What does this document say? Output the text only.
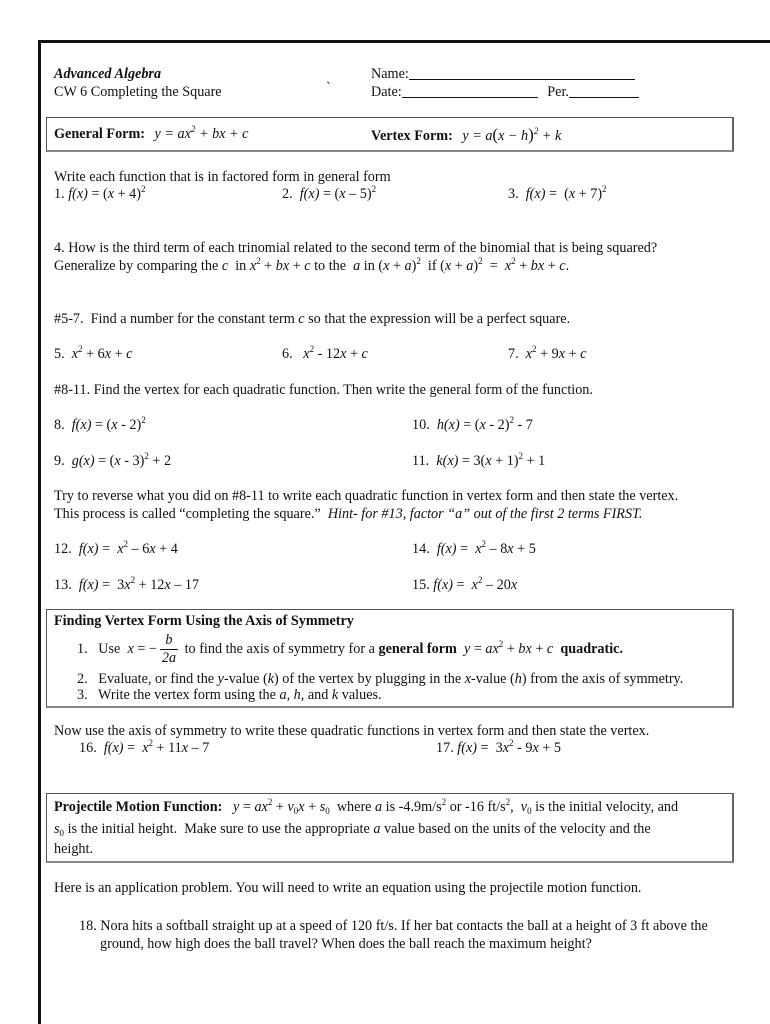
Advanced Algebra
CW 6 Completing the Square	`
Name:
Date:	Per.
General Form: $y = ax^2$ + bx + c	Vertex Form: $y = a(x - h)^2 + k$
Write each function that is in factored form in general form
1. $f(x) = (x + 4)^2$	2.  f(x) = (x – 5)$^2$	3.  $f(x) = (x + 7)^2$
4. How is the third term of each trinomial related to the second term of the binomial that is being squared?
Generalize by comparing the c  in $x^2$ + bx + c to the  a in $(x + a)^2$  if $(x + a)^2 = x^2$ + bx + c.
#5-7.  Find a number for the constant term c so that the expression will be a perfect square.
5.  $x^2 + 6x + c$	6.   $x^2 - 12x + c$	7.  $x^2 + 9x + c$
#8-11. Find the vertex for each quadratic function. Then write the general form of the function.
8.  f(x) = (x - 2)$^2$	10.  h(x) = (x - 2)$^2$ - 7
9.  g(x) = (x - 3)$^2$ + 2	11.  $k(x) = 3(x + 1)^2 + 1$
Try to reverse what you did on #8-11 to write each quadratic function in vertex form and then state the vertex.
This process is called “completing the square.” Hint- for #13, factor “a” out of the first 2 terms FIRST.
12.  $f(x) = x^2 - 6x + 4$	14.  $f(x) = x^2 - 8x + 5$
13.  $f(x) = 3x^2 + 12x - 17$	15. $f(x) = x^2 - 20x$
Finding Vertex Form Using the Axis of Symmetry
1.   Use  x = − $\frac{b}{2a}$ to find the axis of symmetry for a general form $y = ax^2$ + bx + c quadratic.
2.   Evaluate, or find the y-value (k) of the vertex by plugging in the x-value (h) from the axis of symmetry.
3.   Write the vertex form using the a, h, and k values.
Now use the axis of symmetry to write these quadratic functions in vertex form and then state the vertex.
16.  $f(x) = x^2 + 11x - 7$	17. $f(x) = 3x^2 - 9x + 5$
Projectile Motion Function: $y = ax^2 + v_0x + s_0$  where a is $-4.9m/s^2$ or -16 $ft/s^2$,  $v_0$ is the initial velocity, and
$s_0$ is the initial height.  Make sure to use the appropriate a value based on the units of the velocity and the
height.
Here is an application problem. You will need to write an equation using the projectile motion function.
18. Nora hits a softball straight up at a speed of 120 ft/s. If her bat contacts the ball at a height of 3 ft above the ground, how high does the ball travel? When does the ball reach the maximum height?
